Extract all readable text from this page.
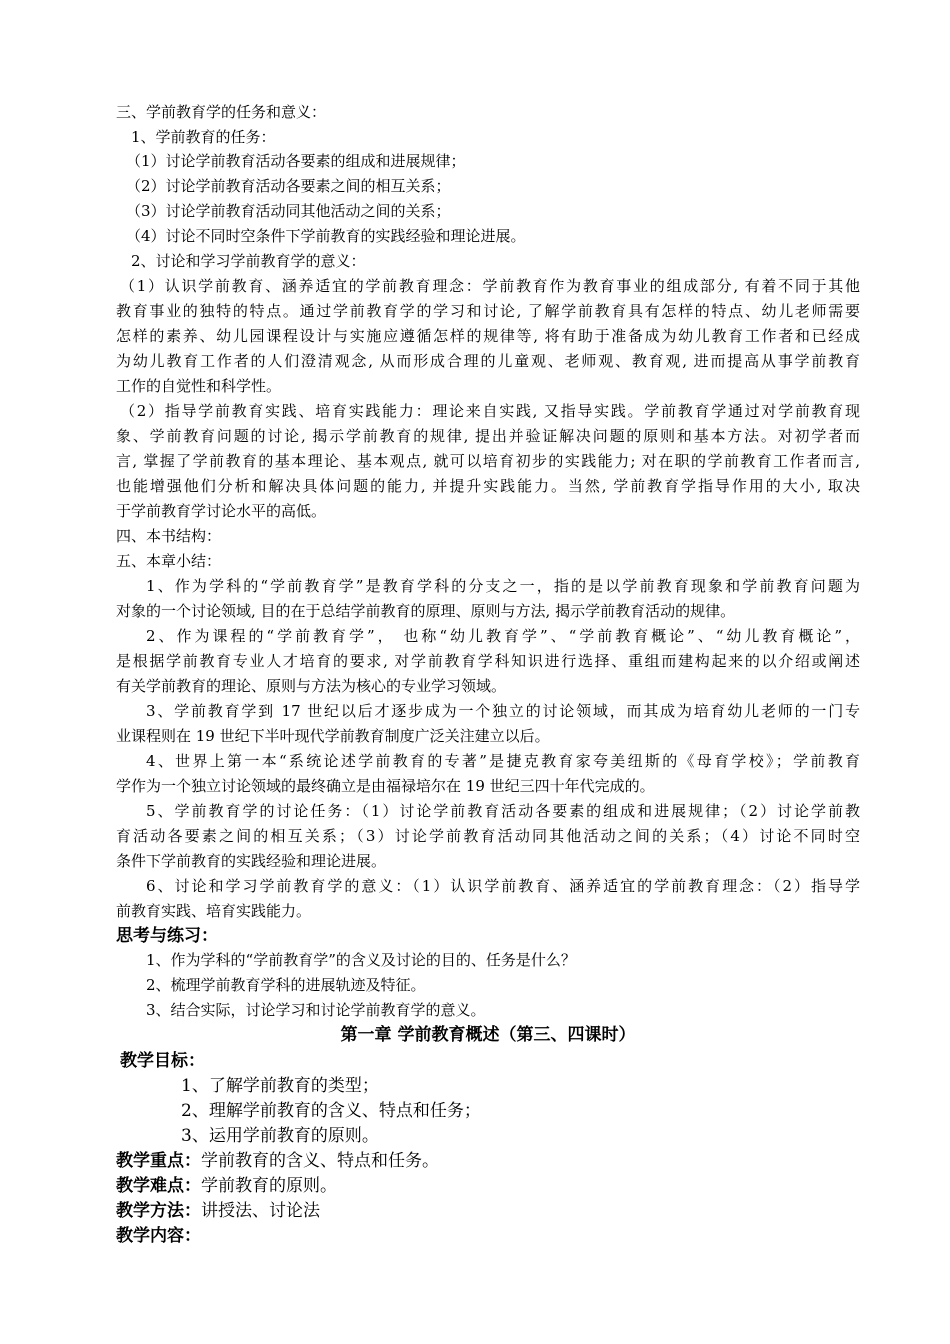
三、学前教育学的任务和意义：
1、学前教育的任务：
（1）讨论学前教育活动各要素的组成和进展规律；
（2）讨论学前教育活动各要素之间的相互关系；
（3）讨论学前教育活动同其他活动之间的关系；
（4）讨论不同时空条件下学前教育的实践经验和理论进展。
2、讨论和学习学前教育学的意义：
（1）认识学前教育、涵养适宜的学前教育理念：学前教育作为教育事业的组成部分, 有着不同于其他
教育事业的独特的特点。通过学前教育学的学习和讨论, 了解学前教育具有怎样的特点、幼儿老师需要
怎样的素养、幼儿园课程设计与实施应遵循怎样的规律等, 将有助于准备成为幼儿教育工作者和已经成
为幼儿教育工作者的人们澄清观念, 从而形成合理的儿童观、老师观、教育观, 进而提高从事学前教育
工作的自觉性和科学性。
（2）指导学前教育实践、培育实践能力：理论来自实践, 又指导实践。学前教育学通过对学前教育现
象、学前教育问题的讨论, 揭示学前教育的规律, 提出并验证解决问题的原则和基本方法。对初学者而
言, 掌握了学前教育的基本理论、基本观点, 就可以培育初步的实践能力; 对在职的学前教育工作者而言,
也能增强他们分析和解决具体问题的能力, 并提升实践能力。当然, 学前教育学指导作用的大小, 取决
于学前教育学讨论水平的高低。
四、本书结构：
五、本章小结：
1、作为学科的“学前教育学”是教育学科的分支之一，指的是以学前教育现象和学前教育问题为
对象的一个讨论领域, 目的在于总结学前教育的原理、原则与方法, 揭示学前教育活动的规律。
2、作为课程的“学前教育学”， 也称“幼儿教育学”、“学前教育概论”、“幼儿教育概论”，
是根据学前教育专业人才培育的要求, 对学前教育学科知识进行选择、重组而建构起来的以介绍或阐述
有关学前教育的理论、原则与方法为核心的专业学习领域。
3、学前教育学到 17 世纪以后才逐步成为一个独立的讨论领域，而其成为培育幼儿老师的一门专
业课程则在 19 世纪下半叶现代学前教育制度广泛关注建立以后。
4、世界上第一本“系统论述学前教育的专著”是捷克教育家夸美纽斯的《母育学校》；学前教育
学作为一个独立讨论领域的最终确立是由福禄培尔在 19 世纪三四十年代完成的。
5、学前教育学的讨论任务：（1）讨论学前教育活动各要素的组成和进展规律；（2）讨论学前教
育活动各要素之间的相互关系；（3）讨论学前教育活动同其他活动之间的关系；（4）讨论不同时空
条件下学前教育的实践经验和理论进展。
6、讨论和学习学前教育学的意义：（1）认识学前教育、涵养适宜的学前教育理念：（2）指导学
前教育实践、培育实践能力。
思考与练习：
1、作为学科的“学前教育学”的含义及讨论的目的、任务是什么？
2、梳理学前教育学科的进展轨迹及特征。
3、结合实际，讨论学习和讨论学前教育学的意义。
第一章 学前教育概述（第三、四课时）
教学目标：
1、了解学前教育的类型；
2、理解学前教育的含义、特点和任务；
3、运用学前教育的原则。
教学重点：学前教育的含义、特点和任务。
教学难点：学前教育的原则。
教学方法：讲授法、讨论法
教学内容：
